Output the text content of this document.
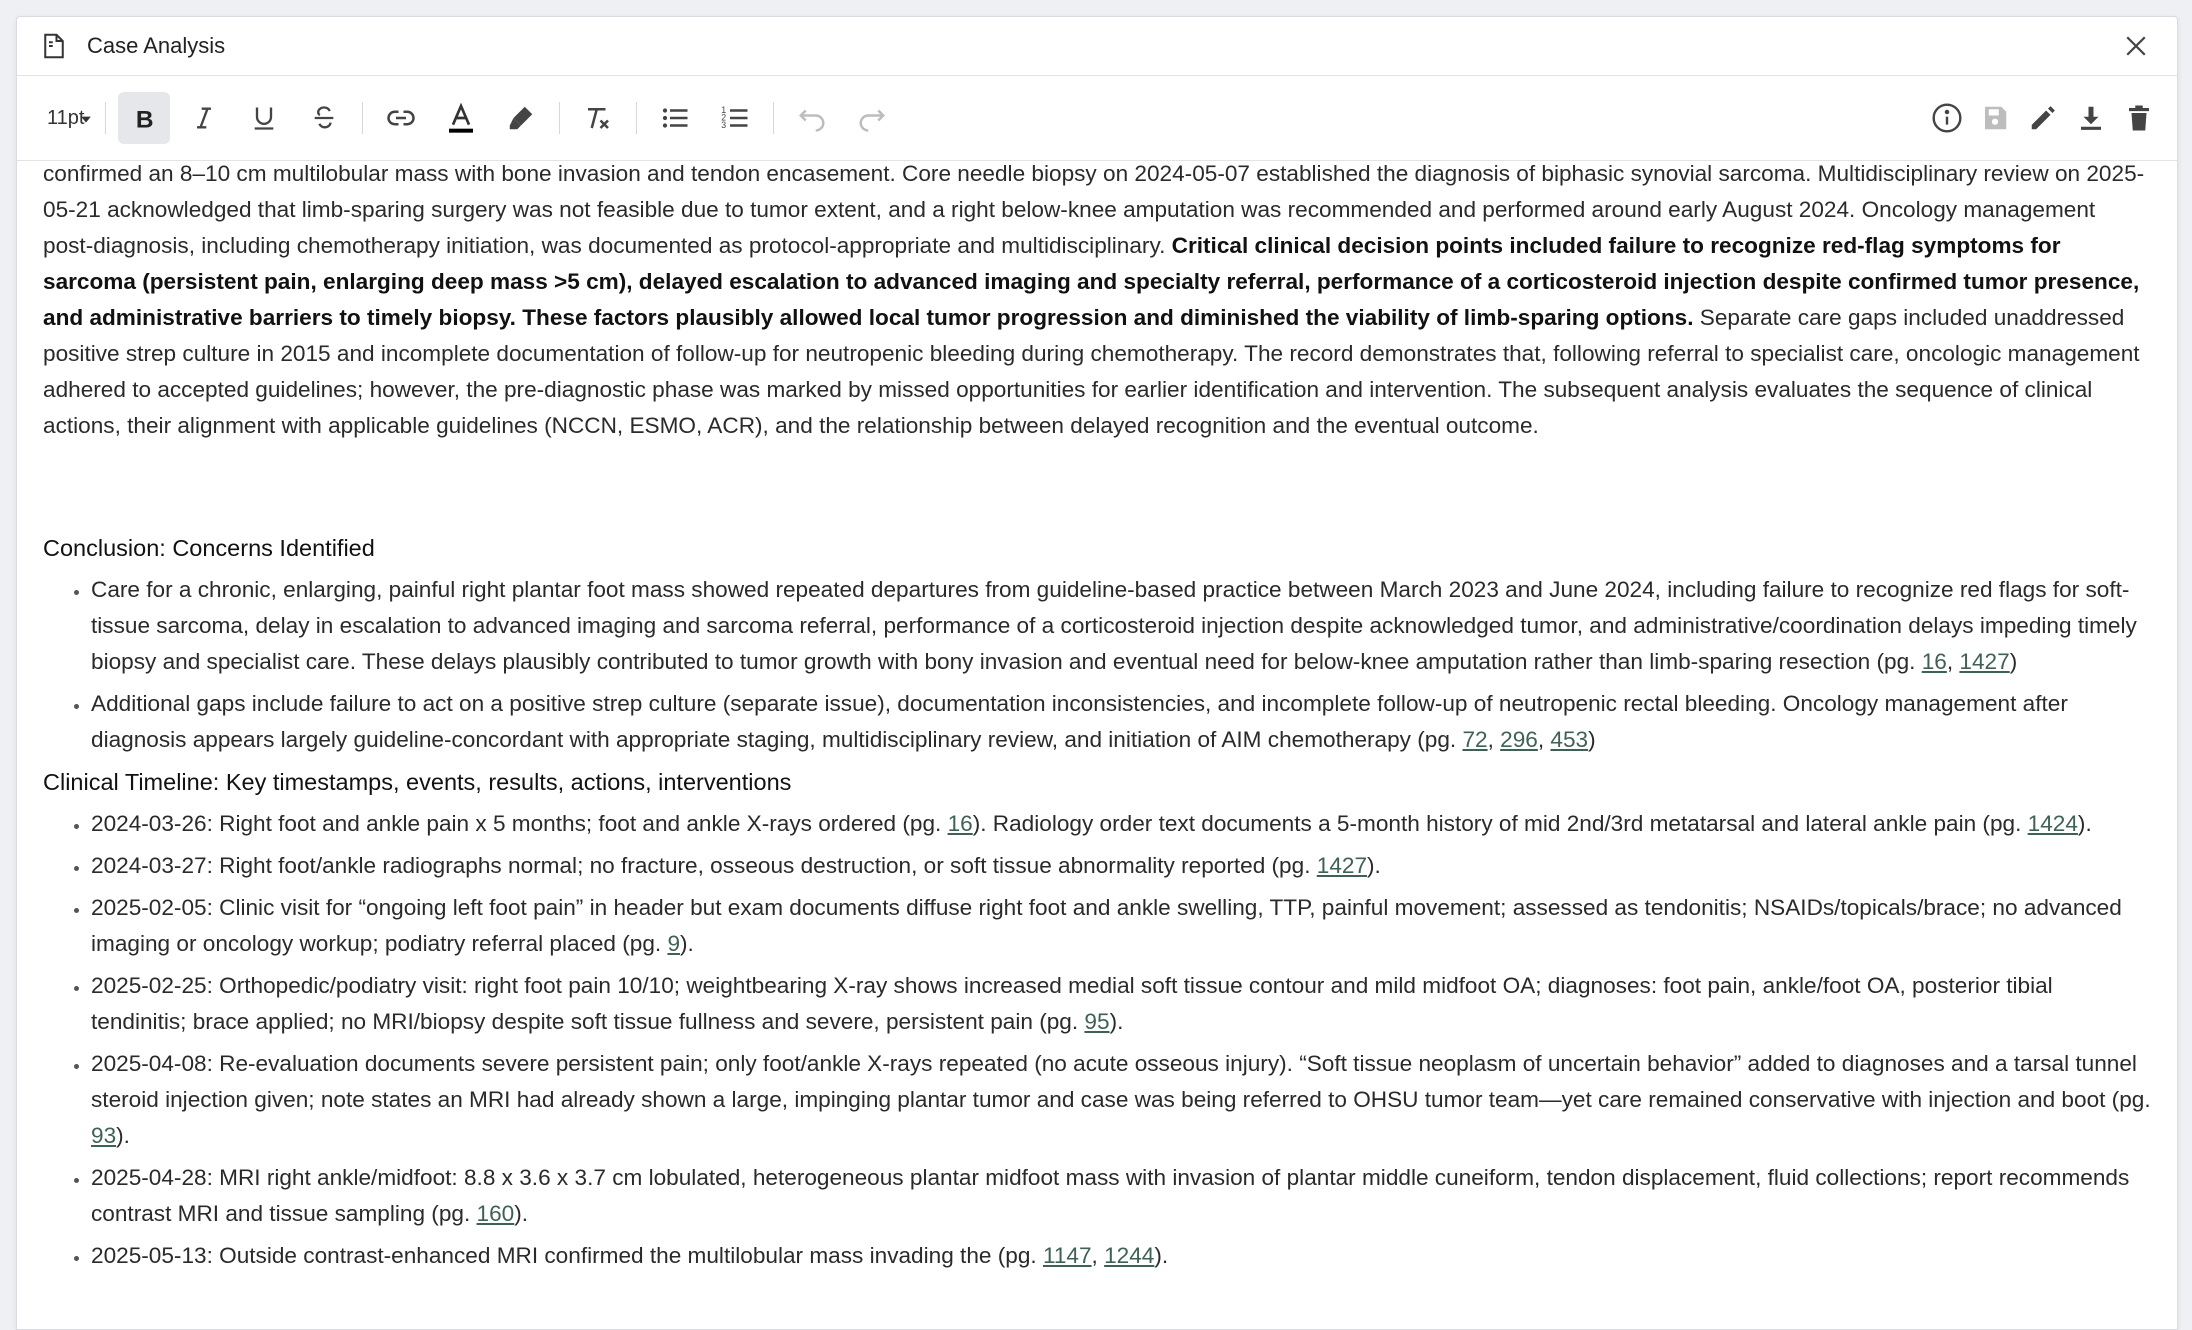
Case Analysis
11pt B	1
2
3

confirmed an 8–10 cm multilobular mass with bone invasion and tendon encasement. Core needle biopsy on 2024-05-07 established the diagnosis of biphasic synovial sarcoma. Multidisciplinary review on 2025-05-21 acknowledged that limb-sparing surgery was not feasible due to tumor extent, and a right below-knee amputation was recommended and performed around early August 2024. Oncology management post-diagnosis, including chemotherapy initiation, was documented as protocol-appropriate and multidisciplinary. Critical clinical decision points included failure to recognize red-flag symptoms for sarcoma (persistent pain, enlarging deep mass >5 cm), delayed escalation to advanced imaging and specialty referral, performance of a corticosteroid injection despite confirmed tumor presence, and administrative barriers to timely biopsy. These factors plausibly allowed local tumor progression and diminished the viability of limb-sparing options. Separate care gaps included unaddressed positive strep culture in 2015 and incomplete documentation of follow-up for neutropenic bleeding during chemotherapy. The record demonstrates that, following referral to specialist care, oncologic management adhered to accepted guidelines; however, the pre-diagnostic phase was marked by missed opportunities for earlier identification and intervention. The subsequent analysis evaluates the sequence of clinical actions, their alignment with applicable guidelines (NCCN, ESMO, ACR), and the relationship between delayed recognition and the eventual outcome.

Conclusion: Concerns Identified
• Care for a chronic, enlarging, painful right plantar foot mass showed repeated departures from guideline-based practice between March 2023 and June 2024, including failure to recognize red flags for soft-tissue sarcoma, delay in escalation to advanced imaging and sarcoma referral, performance of a corticosteroid injection despite acknowledged tumor, and administrative/coordination delays impeding timely biopsy and specialist care. These delays plausibly contributed to tumor growth with bony invasion and eventual need for below-knee amputation rather than limb-sparing resection (pg. 16, 1427)
• Additional gaps include failure to act on a positive strep culture (separate issue), documentation inconsistencies, and incomplete follow-up of neutropenic rectal bleeding. Oncology management after diagnosis appears largely guideline-concordant with appropriate staging, multidisciplinary review, and initiation of AIM chemotherapy (pg. 72, 296, 453)
Clinical Timeline: Key timestamps, events, results, actions, interventions
• 2024-03-26: Right foot and ankle pain x 5 months; foot and ankle X-rays ordered (pg. 16). Radiology order text documents a 5-month history of mid 2nd/3rd metatarsal and lateral ankle pain (pg. 1424).
• 2024-03-27: Right foot/ankle radiographs normal; no fracture, osseous destruction, or soft tissue abnormality reported (pg. 1427).
• 2025-02-05: Clinic visit for “ongoing left foot pain” in header but exam documents diffuse right foot and ankle swelling, TTP, painful movement; assessed as tendonitis; NSAIDs/topicals/brace; no advanced imaging or oncology workup; podiatry referral placed (pg. 9).
• 2025-02-25: Orthopedic/podiatry visit: right foot pain 10/10; weightbearing X-ray shows increased medial soft tissue contour and mild midfoot OA; diagnoses: foot pain, ankle/foot OA, posterior tibial tendinitis; brace applied; no MRI/biopsy despite soft tissue fullness and severe, persistent pain (pg. 95).
• 2025-04-08: Re-evaluation documents severe persistent pain; only foot/ankle X-rays repeated (no acute osseous injury). “Soft tissue neoplasm of uncertain behavior” added to diagnoses and a tarsal tunnel steroid injection given; note states an MRI had already shown a large, impinging plantar tumor and case was being referred to OHSU tumor team—yet care remained conservative with injection and boot (pg. 93).
• 2025-04-28: MRI right ankle/midfoot: 8.8 x 3.6 x 3.7 cm lobulated, heterogeneous plantar midfoot mass with invasion of plantar middle cuneiform, tendon displacement, fluid collections; report recommends contrast MRI and tissue sampling (pg. 160).
• 2025-05-13: Outside contrast-enhanced MRI confirmed the multilobular mass invading the (pg. 1147, 1244).
